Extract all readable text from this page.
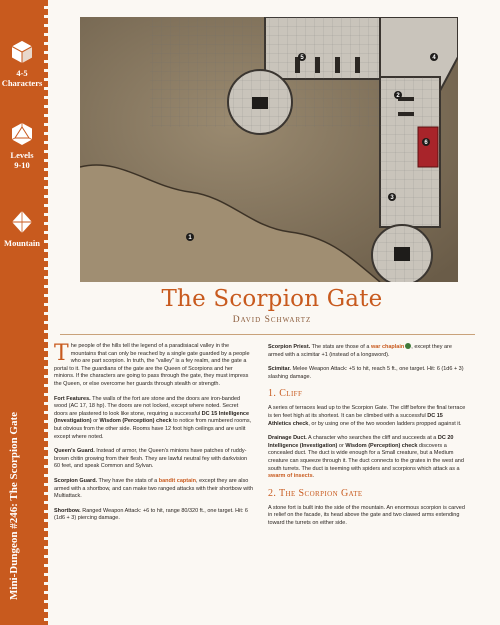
4-5
Characters
Levels
9-10
Mountain
Mini-Dungeon #246: The Scorpion Gate
1
2
3
4
5
6
The Scorpion Gate
David Schwartz

The people of the hills tell the legend of a paradisiacal valley in the mountains that can only be reached by a single gate guarded by a people who are part scorpion. In truth, the "valley" is a fey realm, and the gate a portal to it. The guardians of the gate are the Queen of Scorpions and her minions. If the characters are going to pass through the gate, they must impress the Queen, or else overcome her guards through stealth or strength.

Fort Features. The walls of the fort are stone and the doors are iron-banded wood (AC 17, 18 hp). The doors are not locked, except where noted. Secret doors are plastered to look like stone, requiring a successful DC 15 Intelligence (Investigation) or Wisdom (Perception) check to notice from numbered rooms, but obvious from the other side. Rooms have 12 foot high ceilings and are unlit except where noted.

Queen's Guard. Instead of armor, the Queen's minions have patches of ruddy-brown chitin growing from their flesh. They are lawful neutral fey with darkvision 60 feet, and speak Common and Sylvan.

Scorpion Guard. They have the stats of a bandit captain, except they are also armed with a shortbow, and can make two ranged attacks with their shortbow with Multiattack.

Shortbow. Ranged Weapon Attack: +6 to hit, range 80/320 ft., one target. Hit: 6 (1d6 + 3) piercing damage.

Scorpion Priest. The stats are those of a war chaplain , except they are armed with a scimitar +1 (instead of a longsword).

Scimitar. Melee Weapon Attack: +5 to hit, reach 5 ft., one target. Hit: 6 (1d6 + 3) slashing damage.

1. Cliff

A series of terraces lead up to the Scorpion Gate. The cliff before the final terrace is ten feet high at its shortest. It can be climbed with a successful DC 15 Athletics check, or by using one of the two wooden ladders propped against it.

Drainage Duct. A character who searches the cliff and succeeds at a DC 20 Intelligence (Investigation) or Wisdom (Perception) check discovers a concealed duct. The duct is wide enough for a Small creature, but a Medium creature can squeeze through it. The duct connects to the grates in the west and south turrets. The duct is teeming with spiders and scorpions which attack as a swarm of insects.

2. The Scorpion Gate

A stone fort is built into the side of the mountain. An enormous scorpion is carved in relief on the facade, its head above the gate and two clawed arms extending toward the turrets on either side.
